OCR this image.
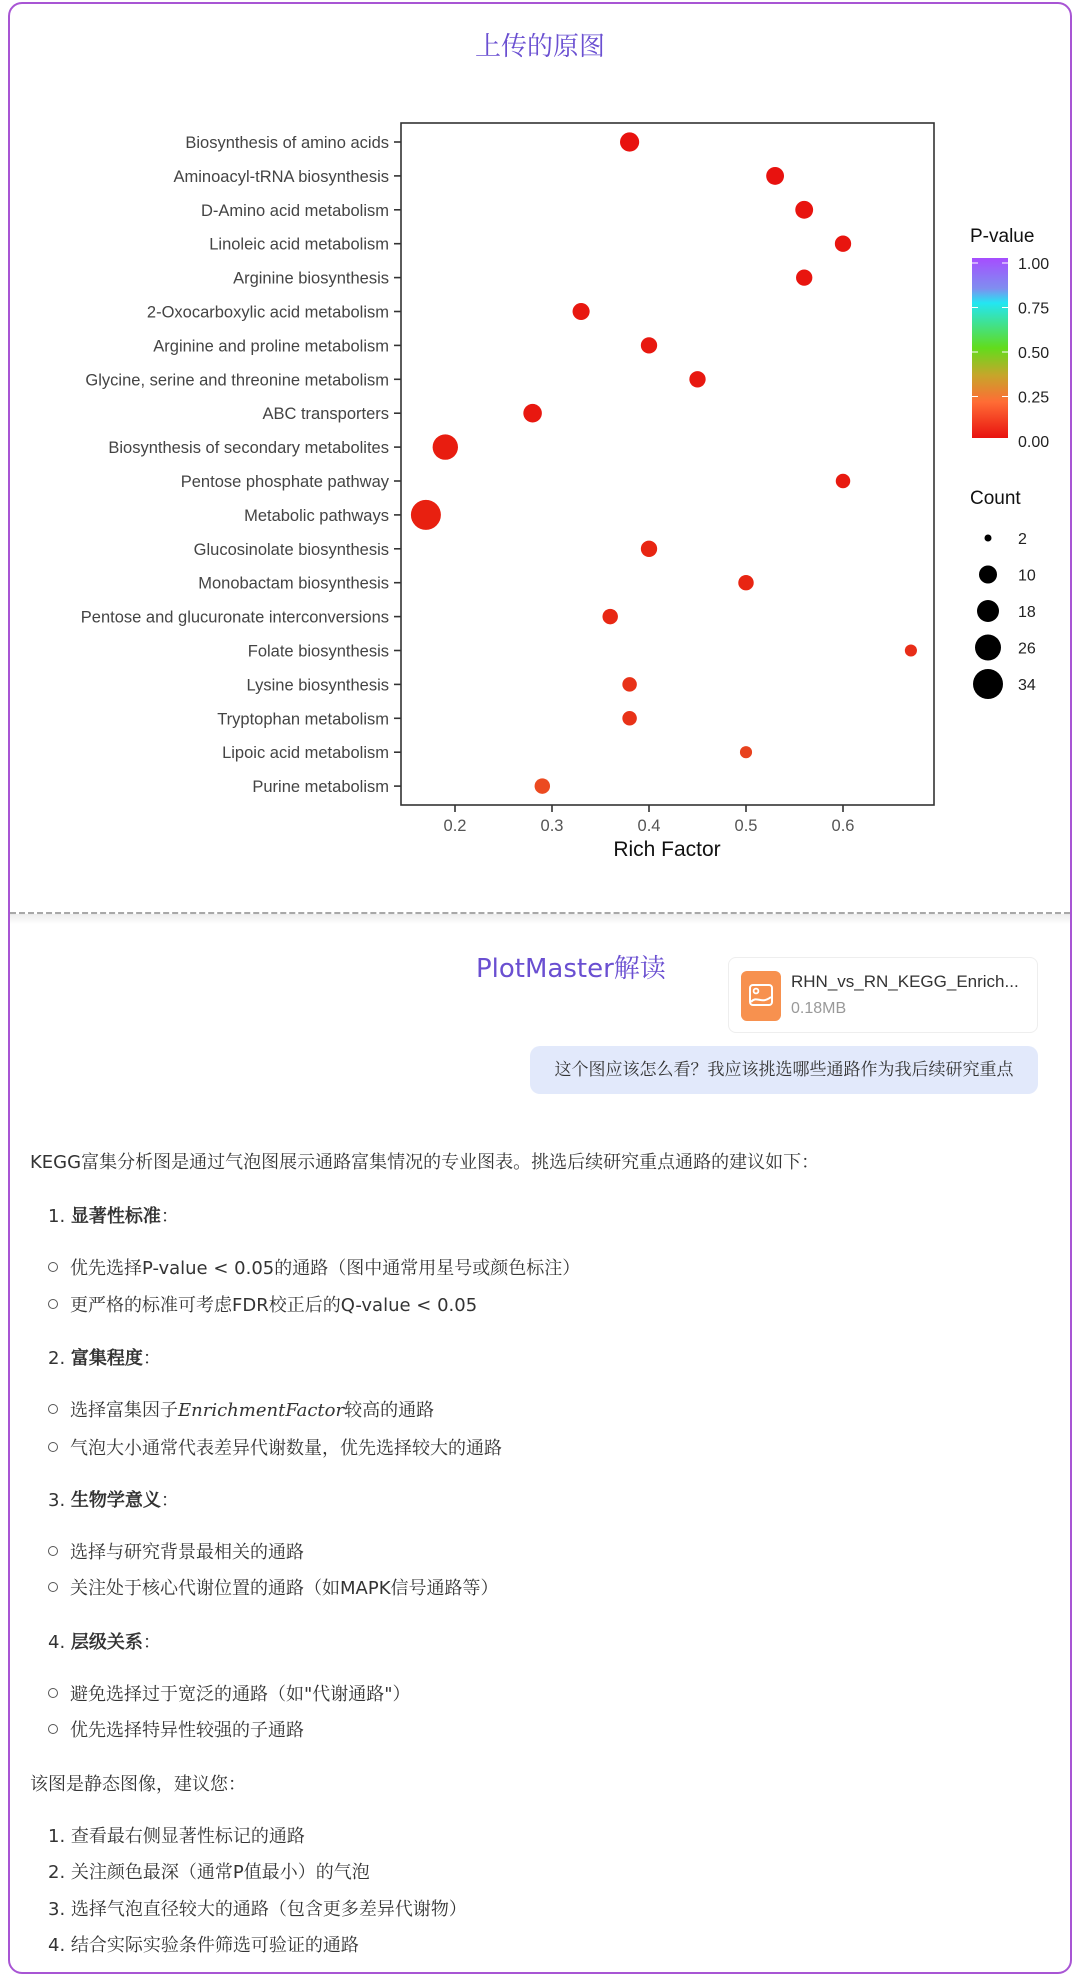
上传的原图
Biosynthesis of amino acids
Aminoacyl-tRNA biosynthesis
D-Amino acid metabolism
Linoleic acid metabolism
Arginine biosynthesis
2-Oxocarboxylic acid metabolism
Arginine and proline metabolism
Glycine, serine and threonine metabolism
ABC transporters
Biosynthesis of secondary metabolites
Pentose phosphate pathway
Metabolic pathways
Glucosinolate biosynthesis
Monobactam biosynthesis
Pentose and glucuronate interconversions
Folate biosynthesis
Lysine biosynthesis
Tryptophan metabolism
Lipoic acid metabolism
Purine metabolism
0.2	0.3	0.4	0.5	0.6
Rich Factor
P-value
1.00
0.75
0.50
0.25
0.00
Count
2
10
18
26
34
PlotMaster解读	RHN_vs_RN_KEGG_Enrich...
0.18MB
这个图应该怎么看？我应该挑选哪些通路作为我后续研究重点

KEGG富集分析图是通过气泡图展示通路富集情况的专业图表。挑选后续研究重点通路的建议如下：

1. 显著性标准：
优先选择P-value < 0.05的通路（图中通常用星号或颜色标注）
更严格的标准可考虑FDR校正后的Q-value < 0.05
2. 富集程度：
选择富集因子EnrichmentFactor较高的通路
气泡大小通常代表差异代谢数量，优先选择较大的通路
3. 生物学意义：
选择与研究背景最相关的通路
关注处于核心代谢位置的通路（如MAPK信号通路等）
4. 层级关系：
避免选择过于宽泛的通路（如"代谢通路"）
优先选择特异性较强的子通路

该图是静态图像，建议您：

1. 查看最右侧显著性标记的通路
2. 关注颜色最深（通常P值最小）的气泡
3. 选择气泡直径较大的通路（包含更多差异代谢物）
4. 结合实际实验条件筛选可验证的通路
